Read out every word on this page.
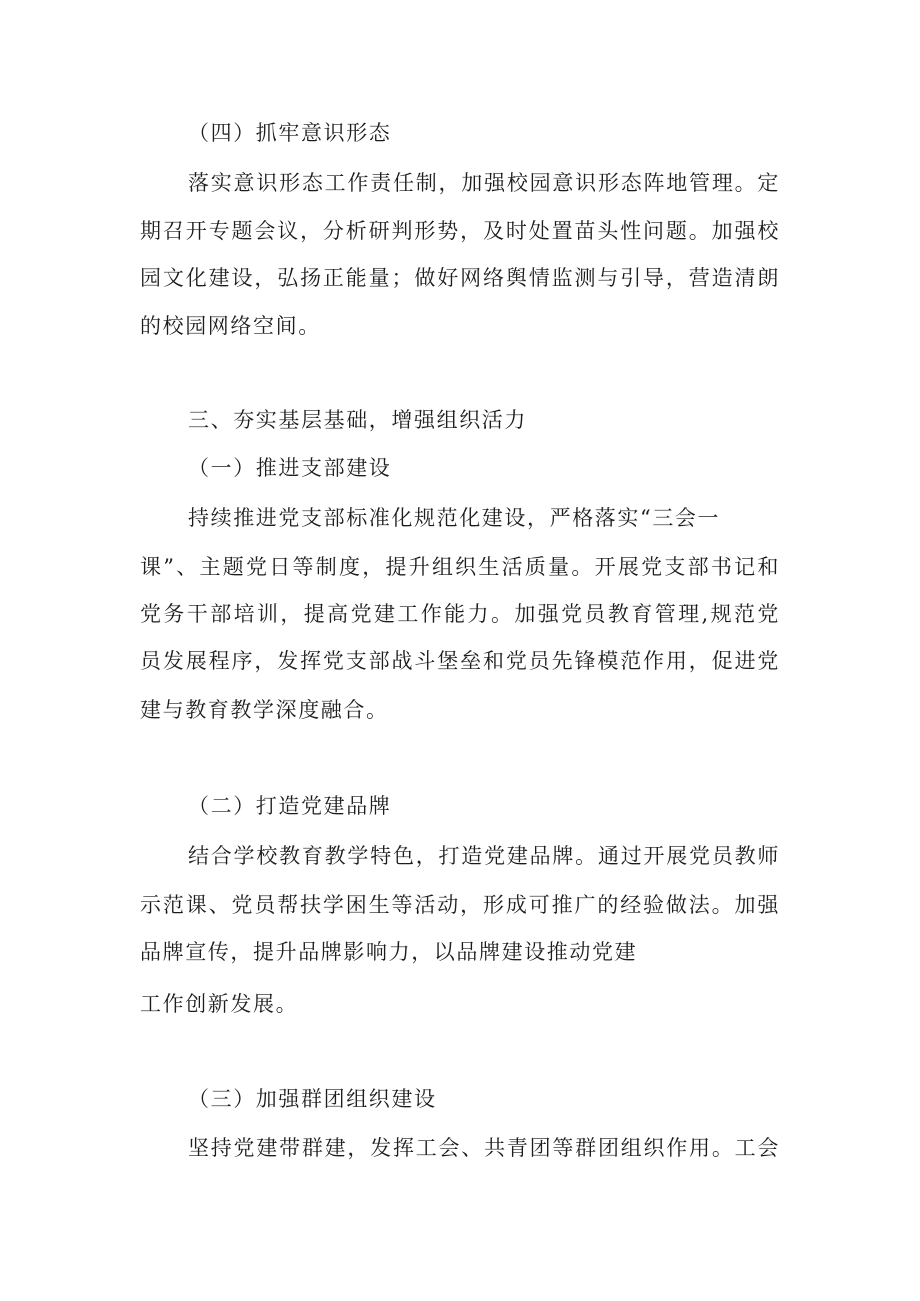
（四）抓牢意识形态
落实意识形态工作责任制，加强校园意识形态阵地管理。定
期召开专题会议，分析研判形势，及时处置苗头性问题。加强校
园文化建设，弘扬正能量；做好网络舆情监测与引导，营造清朗
的校园网络空间。
三、夯实基层基础，增强组织活力
（一）推进支部建设
持续推进党支部标准化规范化建设，严格落实“三会一
课”、主题党日等制度，提升组织生活质量。开展党支部书记和
党务干部培训，提高党建工作能力。加强党员教育管理,规范党
员发展程序，发挥党支部战斗堡垒和党员先锋模范作用，促进党
建与教育教学深度融合。
（二）打造党建品牌
结合学校教育教学特色，打造党建品牌。通过开展党员教师
示范课、党员帮扶学困生等活动，形成可推广的经验做法。加强
品牌宣传，提升品牌影响力，以品牌建设推动党建
工作创新发展。
（三）加强群团组织建设
坚持党建带群建，发挥工会、共青团等群团组织作用。工会
